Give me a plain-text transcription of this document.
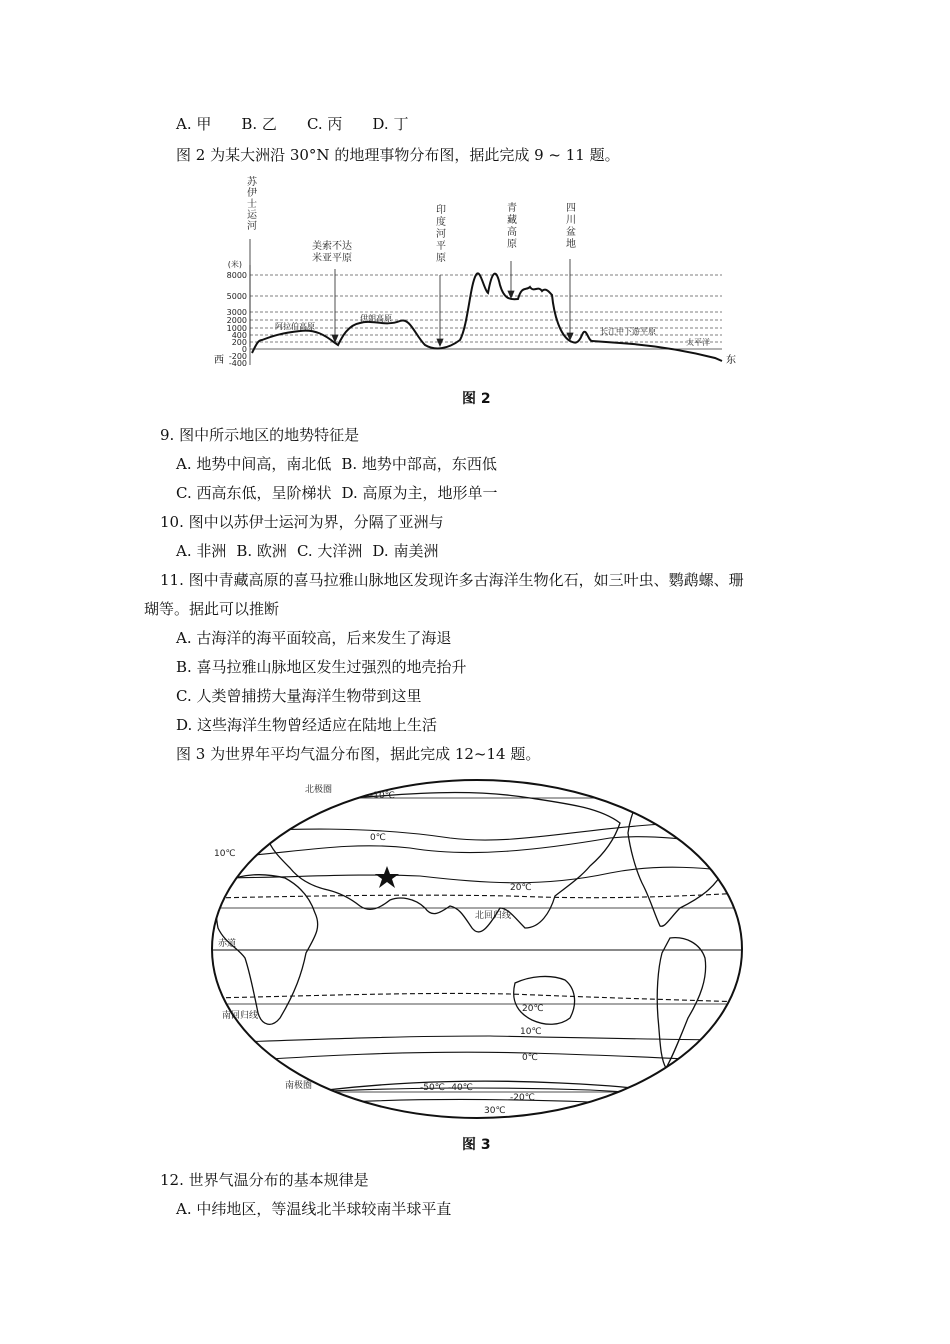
A. 甲 B. 乙 C. 丙 D. 丁
图 2 为某大洲沿 30°N 的地理事物分布图，据此完成 9 ~ 11 题。
苏伊士运河
美索不达
米亚平原
印度河平原
青藏高原
四川盆地
(米)
8000
5000
3000
2000
1000
400
200
0
-200
-400
西	东
阿拉伯高原
伊朗高原
长江中下游平原
太平洋
图 2
9. 图中所示地区的地势特征是
A. 地势中间高，南北低 B. 地势中部高，东西低
C. 西高东低，呈阶梯状 D. 高原为主，地形单一
10. 图中以苏伊士运河为界，分隔了亚洲与
A. 非洲 B. 欧洲 C. 大洋洲 D. 南美洲
11. 图中青藏高原的喜马拉雅山脉地区发现许多古海洋生物化石，如三叶虫、鹦鹉螺、珊
瑚等。据此可以推断
A. 古海洋的海平面较高，后来发生了海退
B. 喜马拉雅山脉地区发生过强烈的地壳抬升
C. 人类曾捕捞大量海洋生物带到这里
D. 这些海洋生物曾经适应在陆地上生活
图 3 为世界年平均气温分布图，据此完成 12~14 题。
北极圈
北回归线
赤道
南回归线
南极圈
-10℃
0℃
10℃
20℃
20℃
10℃
0℃
-40℃
-50℃
-20℃
30℃
图 3
12. 世界气温分布的基本规律是
A. 中纬地区，等温线北半球较南半球平直
